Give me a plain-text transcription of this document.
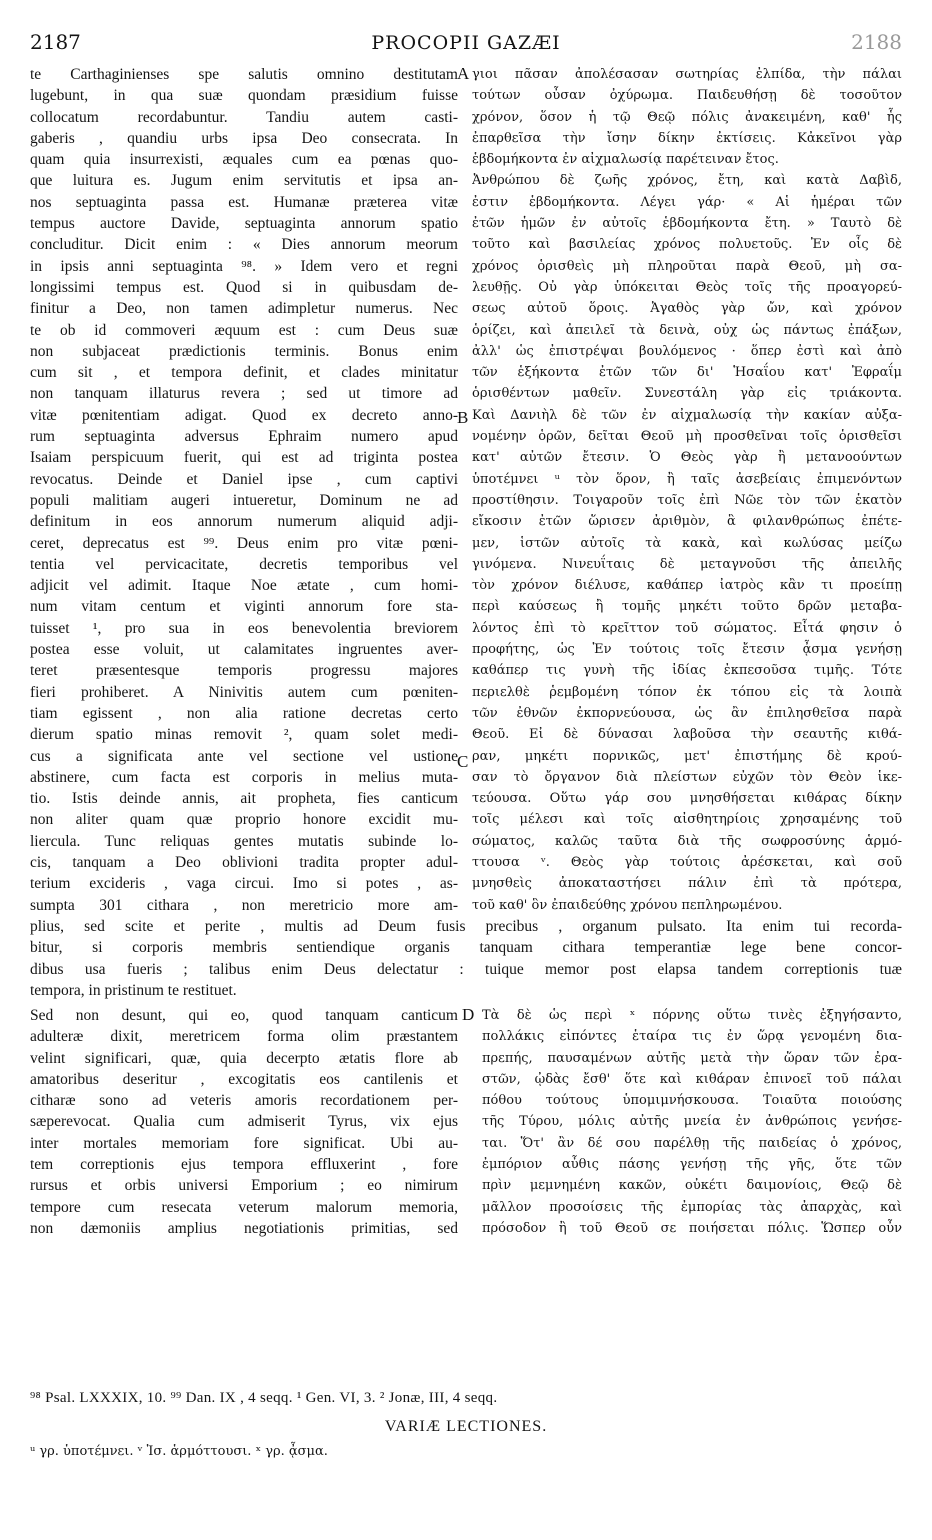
2187	PROCOPII GAZÆI	2188
te Carthaginienses spe salutis omnino destitutam
lugebunt, in qua suæ quondam præsidium fuisse
collocatum recordabuntur. Tandiu autem casti-
gaberis , quandiu urbs ipsa Deo consecrata. In
quam quia insurrexisti, æquales cum ea pœnas quo-
que luitura es. Jugum enim servitutis et ipsa an-
nos septuaginta passa est. Humanæ præterea vitæ
tempus auctore Davide, septuaginta annorum spatio
concluditur. Dicit enim : « Dies annorum meorum
in ipsis anni septuaginta ⁹⁸. » Idem vero et regni
longissimi tempus est. Quod si in quibusdam de-
finitur a Deo, non tamen adimpletur numerus. Nec
te ob id commoveri æquum est : cum Deus suæ
non subjaceat prædictionis terminis. Bonus enim
cum sit , et tempora definit, et clades minitatur
non tanquam illaturus revera ; sed ut timore ad
vitæ pœnitentiam adigat. Quod ex decreto anno-
rum septuaginta adversus Ephraim numero apud
Isaiam perspicuum fuerit, qui est ad triginta postea
revocatus. Deinde et Daniel ipse , cum captivi
populi malitiam augeri intueretur, Dominum ne ad
definitum in eos annorum numerum aliquid adji-
ceret, deprecatus est ⁹⁹. Deus enim pro vitæ pœni-
tentia vel pervicacitate, decretis temporibus vel
adjicit vel adimit. Itaque Noe ætate , cum homi-
num vitam centum et viginti annorum fore sta-
tuisset ¹, pro sua in eos benevolentia breviorem
postea esse voluit, ut calamitates ingruentes aver-
teret præsentesque temporis progressu majores
fieri prohiberet. A Ninivitis autem cum pœniten-
tiam egissent , non alia ratione decretas certo
dierum spatio minas removit ², quam solet medi-
cus a significata ante vel sectione vel ustione
abstinere, cum facta est corporis in melius muta-
tio. Istis deinde annis, ait propheta, fies canticum
non aliter quam quæ proprio honore excidit mu-
liercula. Tunc reliquas gentes mutatis subinde lo-
cis, tanquam a Deo oblivioni tradita propter adul-
terium excideris , vaga circui. Imo si potes , as-
sumpta 301 cithara , non meretricio more am-
γιοι πᾶσαν ἀπολέσασαν σωτηρίας ἐλπίδα, τὴν πάλαι
τούτων οὖσαν ὀχύρωμα. Παιδευθήσῃ δὲ τοσοῦτον
χρόνον, ὅσον ἡ τῷ Θεῷ πόλις ἀνακειμένη, καθ' ἧς
ἐπαρθεῖσα τὴν ἴσην δίκην ἐκτίσεις. Κἀκεῖνοι γὰρ
ἑβδομήκοντα ἐν αἰχμαλωσίᾳ παρέτειναν ἔτος.
Ἀνθρώπου δὲ ζωῆς χρόνος, ἔτη, καὶ κατὰ Δαβὶδ,
ἐστιν ἑβδομήκοντα. Λέγει γάρ· « Αἱ ἡμέραι τῶν
ἐτῶν ἡμῶν ἐν αὐτοῖς ἑβδομήκοντα ἔτη. » Ταυτὸ δὲ
τοῦτο καὶ βασιλείας χρόνος πολυετοῦς. Ἐν οἷς δὲ
χρόνος ὁρισθεὶς μὴ πληροῦται παρὰ Θεοῦ, μὴ σα-
λευθῇς. Οὐ γὰρ ὑπόκειται Θεὸς τοῖς τῆς προαγορεύ-
σεως αὐτοῦ ὅροις. Ἀγαθὸς γὰρ ὤν, καὶ χρόνον
ὁρίζει, καὶ ἀπειλεῖ τὰ δεινὰ, οὐχ ὡς πάντως ἐπάξων,
ἀλλ' ὡς ἐπιστρέψαι βουλόμενος · ὅπερ ἐστὶ καὶ ἀπὸ
τῶν ἑξήκοντα ἐτῶν τῶν δι' Ἡσαΐου κατ' Ἐφραΐμ
ὁρισθέντων μαθεῖν. Συνεστάλη γὰρ εἰς τριάκοντα.
Καὶ Δανιὴλ δὲ τῶν ἐν αἰχμαλωσίᾳ τὴν κακίαν αὐξα-
νομένην ὁρῶν, δεῖται Θεοῦ μὴ προσθεῖναι τοῖς ὁρισθεῖσι
κατ' αὐτῶν ἔτεσιν. Ὁ Θεὸς γὰρ ἢ μετανοούντων
ὑποτέμνει ᵘ τὸν ὅρον, ἢ ταῖς ἀσεβείαις ἐπιμενόντων
προστίθησιν. Τοιγαροῦν τοῖς ἐπὶ Νῶε τὸν τῶν ἑκατὸν
εἴκοσιν ἐτῶν ὥρισεν ἀριθμὸν, ἃ φιλανθρώπως ἐπέτε-
μεν, ἱστῶν αὐτοῖς τὰ κακὰ, καὶ κωλύσας μείζω
γινόμενα. Νινευΐταις δὲ μεταγνοῦσι τῆς ἀπειλῆς
τὸν χρόνον διέλυσε, καθάπερ ἰατρὸς κἂν τι προείπῃ
περὶ καύσεως ἢ τομῆς μηκέτι τοῦτο δρῶν μεταβα-
λόντος ἐπὶ τὸ κρεῖττον τοῦ σώματος. Εἶτά φησιν ὁ
προφήτης, ὡς Ἐν τούτοις τοῖς ἔτεσιν ᾆσμα γενήσῃ
καθάπερ τις γυνὴ τῆς ἰδίας ἐκπεσοῦσα τιμῆς. Τότε
περιελθὲ ῥεμβομένη τόπον ἐκ τόπου εἰς τὰ λοιπὰ
τῶν ἐθνῶν ἐκπορνεύουσα, ὡς ἂν ἐπιλησθεῖσα παρὰ
Θεοῦ. Εἰ δὲ δύνασαι λαβοῦσα τὴν σεαυτῆς κιθά-
ραν, μηκέτι πορνικῶς, μετ' ἐπιστήμης δὲ κρού-
σαν τὸ ὄργανον διὰ πλείστων εὐχῶν τὸν Θεὸν ἱκε-
τεύουσα. Οὕτω γάρ σου μνησθήσεται κιθάρας δίκην
τοῖς μέλεσι καὶ τοῖς αἰσθητηρίοις χρησαμένης τοῦ
σώματος, καλῶς ταῦτα διὰ τῆς σωφροσύνης ἁρμό-
ττουσα ᵛ. Θεὸς γὰρ τούτοις ἀρέσκεται, καὶ σοῦ
μνησθεὶς ἀποκαταστήσει πάλιν ἐπὶ τὰ πρότερα,
τοῦ καθ' ὃν ἐπαιδεύθης χρόνου πεπληρωμένου.
A
B
C
plius, sed scite et perite , multis ad Deum fusis precibus , organum pulsato. Ita enim tui recorda-
bitur, si corporis membris sentiendique organis tanquam cithara temperantiæ lege bene concor-
dibus usa fueris ; talibus enim Deus delectatur : tuique memor post elapsa tandem correptionis tuæ
tempora, in pristinum te restituet.
Sed non desunt, qui eo, quod tanquam canticum
adulteræ dixit, meretricem forma olim præstantem
velint significari, quæ, quia decerpto ætatis flore ab
amatoribus deseritur , excogitatis eos cantilenis et
citharæ sono ad veteris amoris recordationem per-
sæperevocat. Qualia cum admiserit Tyrus, vix ejus
inter mortales memoriam fore significat. Ubi au-
tem correptionis ejus tempora effluxerint , fore
rursus et orbis universi Emporium ; eo nimirum
tempore cum resecata veterum malorum memoria,
non dæmoniis amplius negotiationis primitias, sed
D Τὰ δὲ ὡς περὶ ˣ πόρνης οὕτω τινὲς ἐξηγήσαντο,
πολλάκις εἰπόντες ἑταίρα τις ἐν ὥρᾳ γενομένη δια-
πρεπής, παυσαμένων αὐτῆς μετὰ τὴν ὥραν τῶν ἐρα-
στῶν, ᾠδὰς ἔσθ' ὅτε καὶ κιθάραν ἐπινοεῖ τοῦ πάλαι
πόθου τούτους ὑπομιμνήσκουσα. Τοιαῦτα ποιούσης
τῆς Τύρου, μόλις αὐτῆς μνεία ἐν ἀνθρώποις γενήσε-
ται. Ὅτ' ἂν δέ σου παρέλθῃ τῆς παιδείας ὁ χρόνος,
ἐμπόριον αὖθις πάσης γενήσῃ τῆς γῆς, ὅτε τῶν
πρὶν μεμνημένη κακῶν, οὐκέτι δαιμονίοις, Θεῷ δὲ
μᾶλλον προσοίσεις τῆς ἐμπορίας τὰς ἀπαρχὰς, καὶ
πρόσοδον ἢ τοῦ Θεοῦ σε ποιήσεται πόλις. Ὥσπερ οὖν
⁹⁸ Psal. LXXXIX, 10. ⁹⁹ Dan. IX , 4 seqq. ¹ Gen. VI, 3. ² Jonæ, III, 4 seqq.
VARIÆ LECTIONES.
ᵘ γρ. ὑποτέμνει. ᵛ Ἰσ. ἁρμόττουσι. ˣ γρ. ᾆσμα.
